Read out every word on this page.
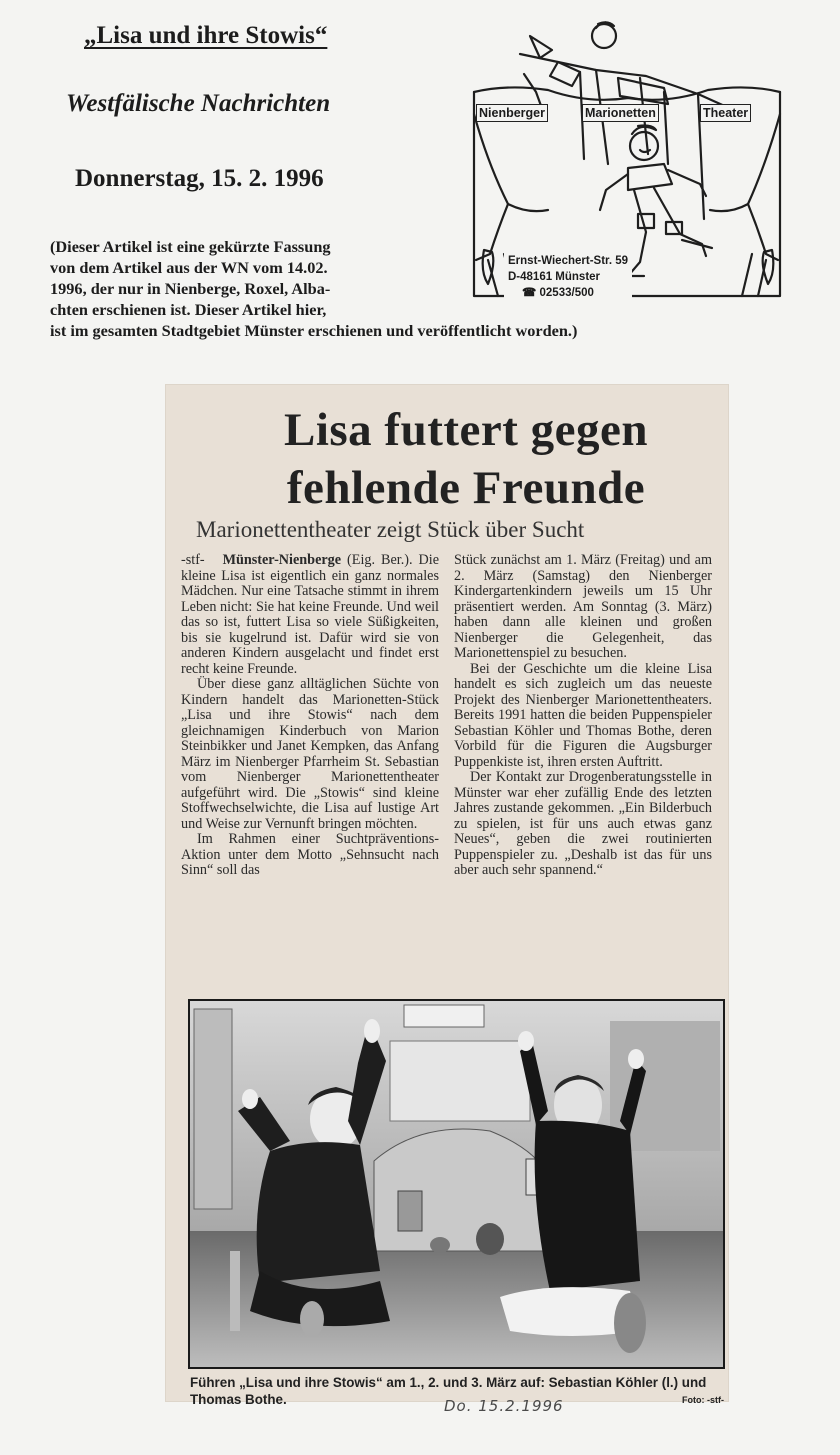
„Lisa und ihre Stowis“
Westfälische Nachrichten
Donnerstag, 15. 2. 1996
(Dieser Artikel ist eine gekürzte Fassung
von dem Artikel aus der WN vom 14.02.
1996, der nur in Nienberge, Roxel, Alba-
chten erschienen ist. Dieser Artikel hier,
ist im gesamten Stadtgebiet Münster erschienen und veröffentlicht worden.)
Nienberger	Marionetten	Theater
Ernst-Wiechert-Str. 59
D-48161 Münster
☎ 02533/500
Lisa futtert gegen
fehlende Freunde
Marionettentheater zeigt Stück über Sucht

-stf- Münster-Nienberge (Eig. Ber.). Die kleine Lisa ist eigentlich ein ganz normales Mädchen. Nur eine Tatsache stimmt in ihrem Leben nicht: Sie hat keine Freunde. Und weil das so ist, futtert Lisa so viele Süßigkeiten, bis sie kugelrund ist. Dafür wird sie von anderen Kindern ausgelacht und findet erst recht keine Freunde.

Über diese ganz alltäglichen Süchte von Kindern handelt das Marionetten-Stück „Lisa und ihre Stowis“ nach dem gleichnamigen Kinderbuch von Marion Steinbikker und Janet Kempken, das Anfang März im Nienberger Pfarrheim St. Sebastian vom Nienberger Marionettentheater aufgeführt wird. Die „Stowis“ sind kleine Stoffwechselwichte, die Lisa auf lustige Art und Weise zur Vernunft bringen möchten.

Im Rahmen einer Suchtpräventions-Aktion unter dem Motto „Sehnsucht nach Sinn“ soll das

Stück zunächst am 1. März (Freitag) und am 2. März (Samstag) den Nienberger Kindergartenkindern jeweils um 15 Uhr präsentiert werden. Am Sonntag (3. März) haben dann alle kleinen und großen Nienberger die Gelegenheit, das Marionettenspiel zu besuchen.

Bei der Geschichte um die kleine Lisa handelt es sich zugleich um das neueste Projekt des Nienberger Marionettentheaters. Bereits 1991 hatten die beiden Puppenspieler Sebastian Köhler und Thomas Bothe, deren Vorbild für die Figuren die Augsburger Puppenkiste ist, ihren ersten Auftritt.

Der Kontakt zur Drogenberatungsstelle in Münster war eher zufällig Ende des letzten Jahres zustande gekommen. „Ein Bilderbuch zu spielen, ist für uns auch etwas ganz Neues“, geben die zwei routinierten Puppenspieler zu. „Deshalb ist das für uns aber auch sehr spannend.“

Führen „Lisa und ihre Stowis“ am 1., 2. und 3. März auf: Sebastian Köhler (l.) und Thomas Bothe.	Foto: -stf-
Do. 15.2.1996
